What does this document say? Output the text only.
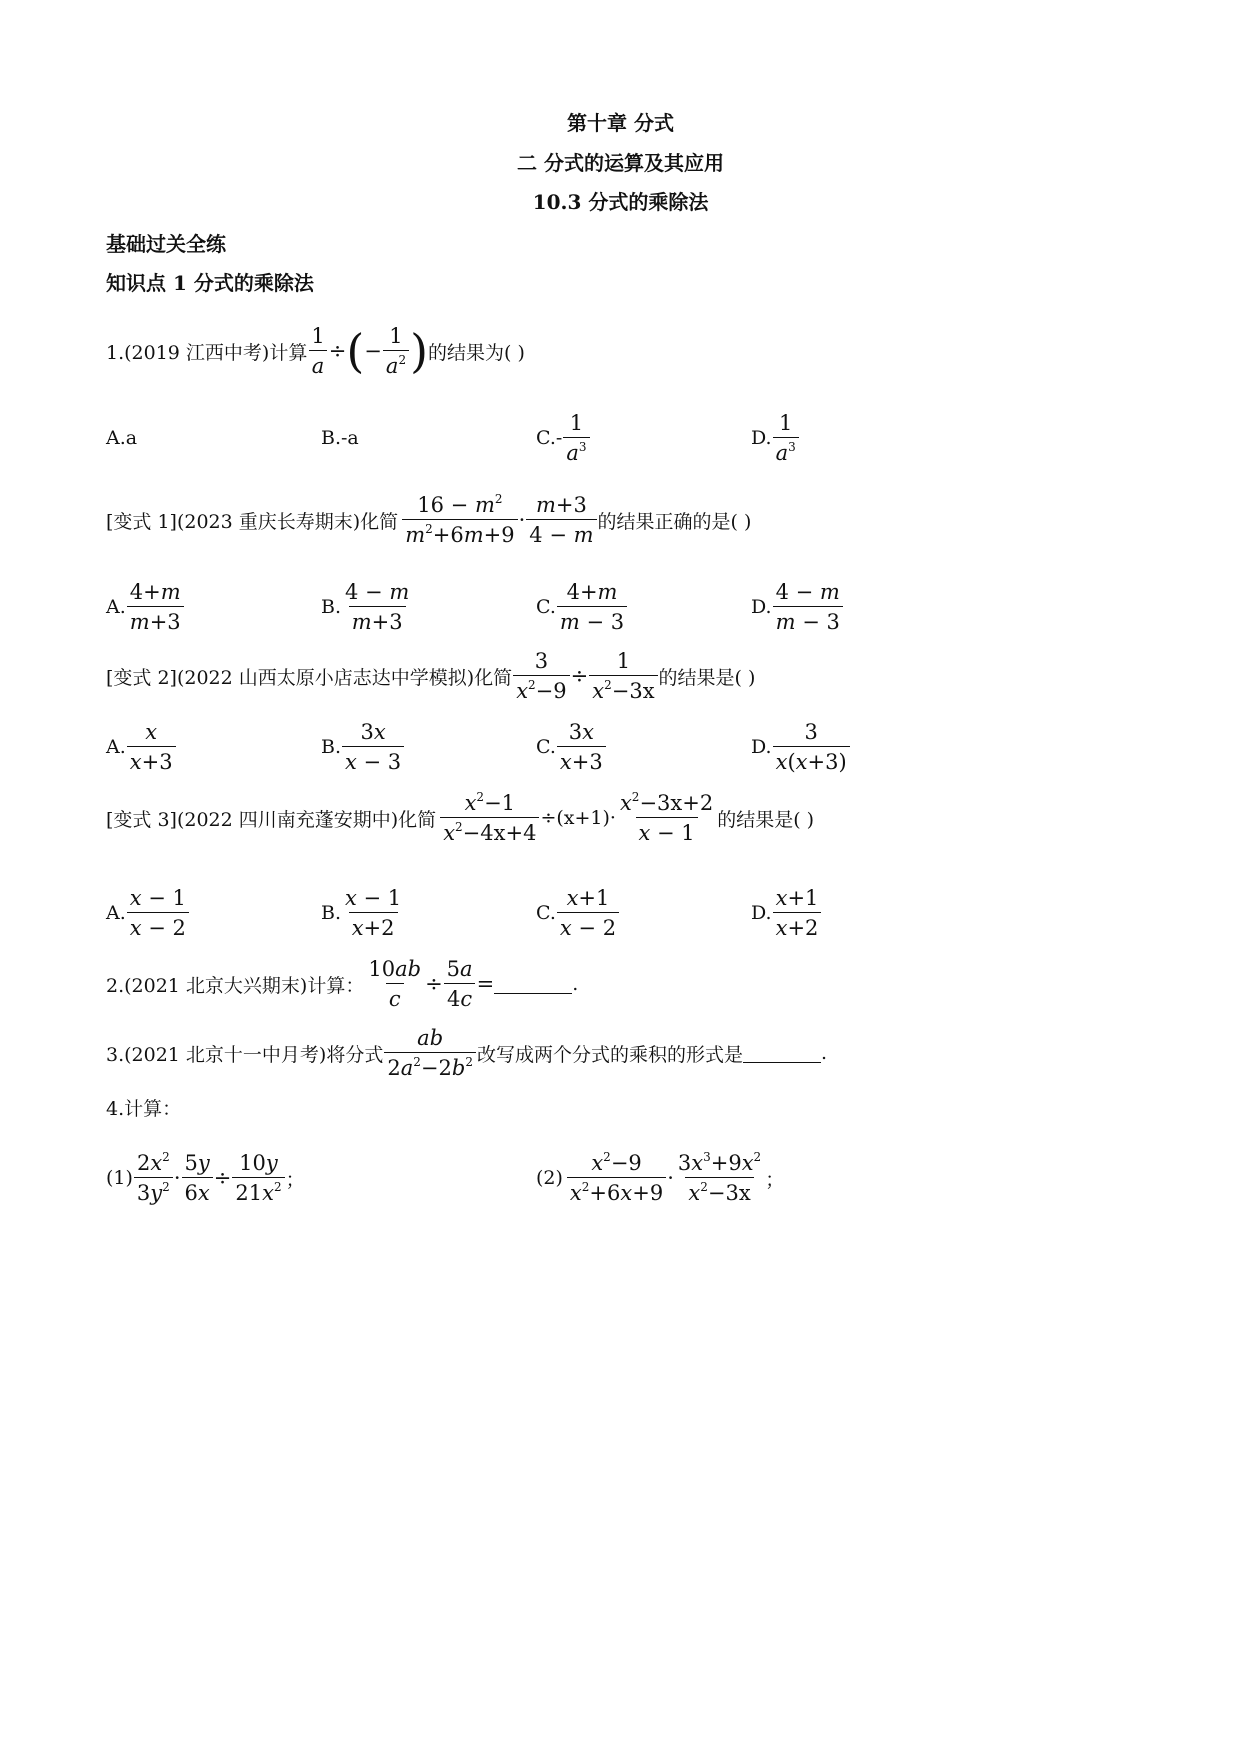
第十章 分式
二 分式的运算及其应用
10.3 分式的乘除法
基础过关全练
知识点 1 分式的乘除法
1.(2019 江西中考)计算 $\frac{1}{a}$ ÷ ( − $\frac{1}{a^2}$ ) 的结果为( )
A.a	B.-a	$C.- \frac{1}{a^3}$	D. $\frac{1}{a^3}$
[变式 1](2023 重庆长寿期末)化简 $\frac{16 - m^2}{m^2+6m+9} \cdot \frac{m+3}{4 - m}$ 的结果正确的是( )
A. $\frac{4+m}{m+3}$	B. $\frac{4 - m}{m+3}$	C. $\frac{4+m}{m - 3}$	D. $\frac{4 - m}{m - 3}$
[变式 2](2022 山西太原小店志达中学模拟)化简 $\frac{3}{x^2-9} \div \frac{1}{x^2-3x}$ 的结果是( )
A. $\frac{x}{x+3}$	B. $\frac{3x}{x - 3}$	C. $\frac{3x}{x+3}$	D. $\frac{3}{x(x+3)}$
[变式 3](2022 四川南充蓬安期中)化简 $\frac{x^2-1}{x^2-4x+4} \div(x+1)\cdot \frac{x^2-3x+2}{x - 1}$ 的结果是( )
A. $\frac{x - 1}{x - 2}$	B. $\frac{x - 1}{x+2}$	C. $\frac{x+1}{x - 2}$	D. $\frac{x+1}{x+2}$
2.(2021 北京大兴期末)计算： $\frac{10ab}{c} \div \frac{5a}{4c}$ =	.
3.(2021 北京十一中月考)将分式 $\frac{ab}{2a^2-2b^2}$ 改写成两个分式的乘积的形式是	.
4.计算：
$(1) \frac{2x^2}{3y^2} \cdot \frac{5y}{6x} \div \frac{10y}{21x^2}$ ；	$(2) \frac{x^2-9}{x^2+6x+9} \cdot \frac{3x^3+9x^2}{x^2-3x}$ ；
